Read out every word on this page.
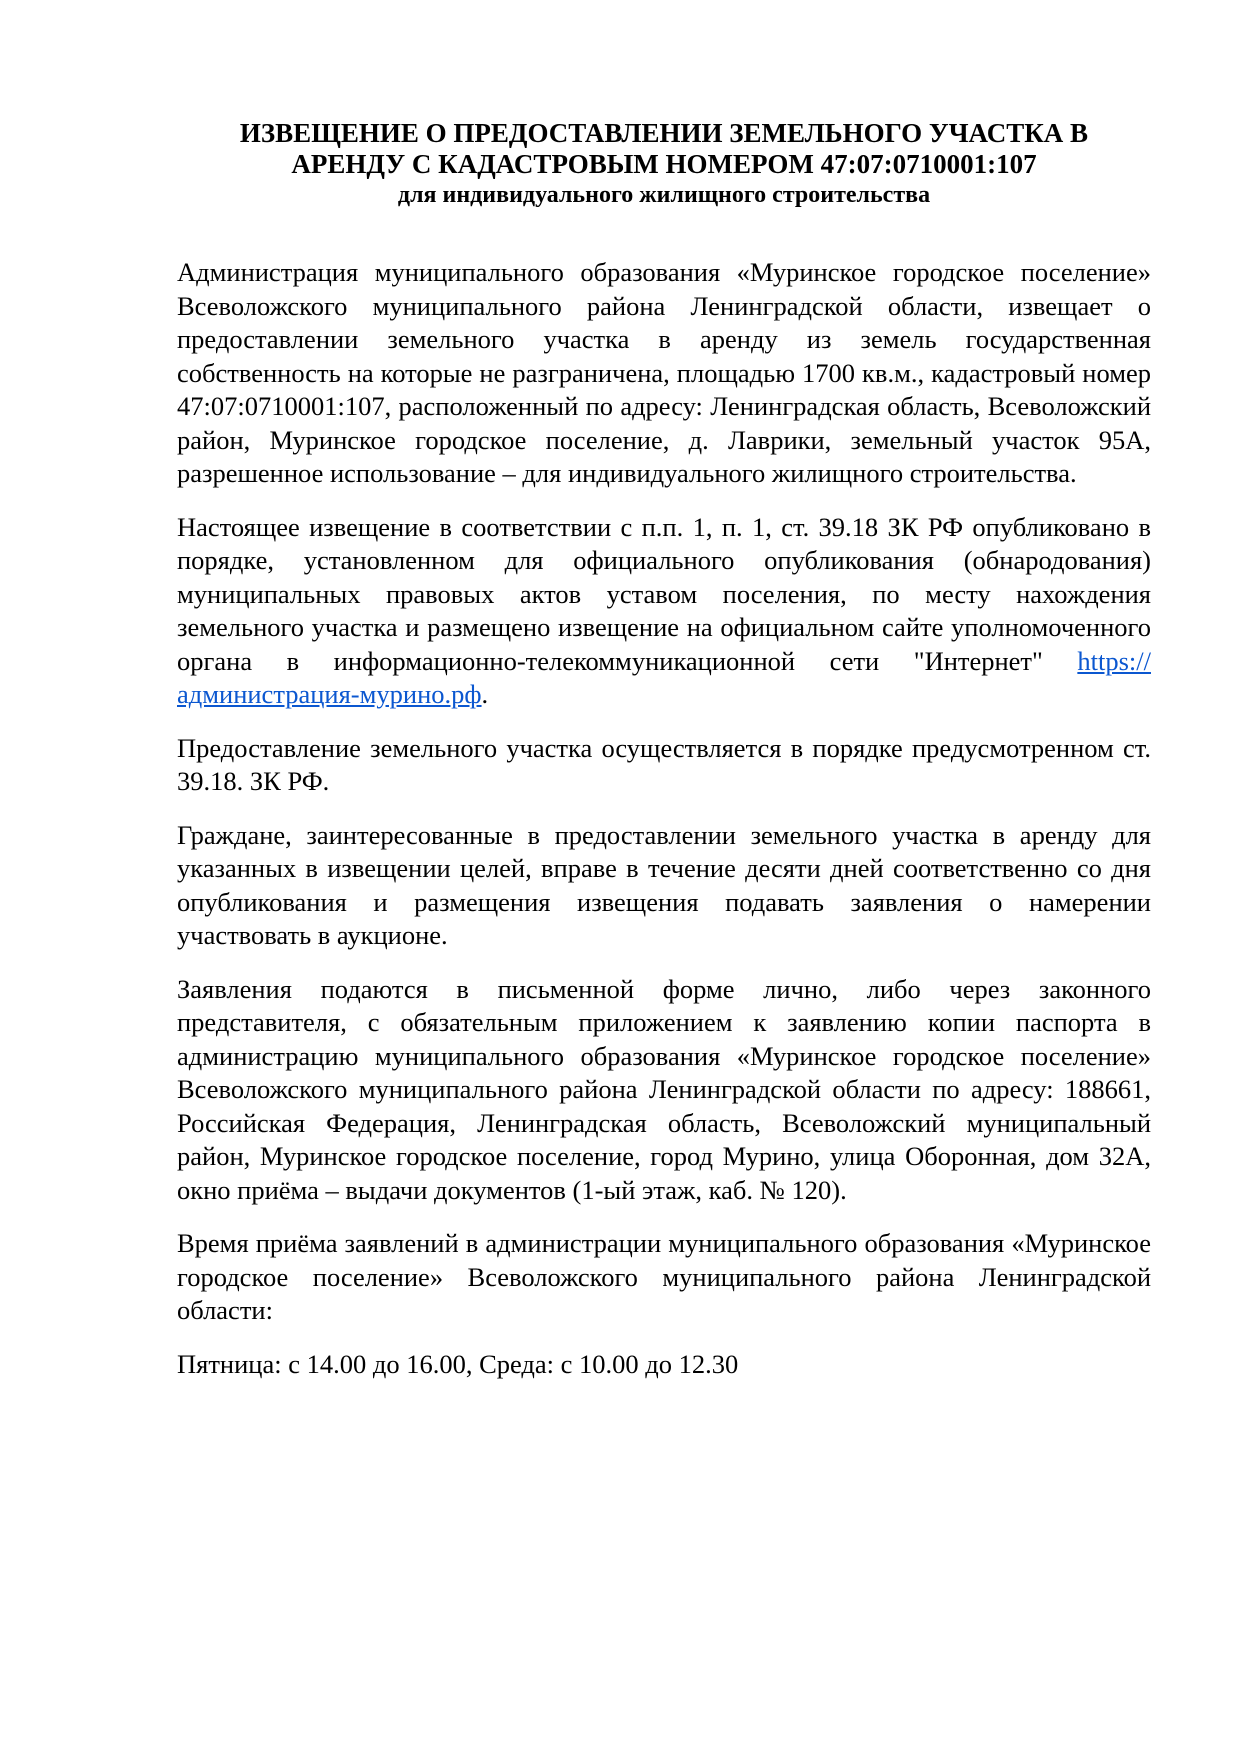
ИЗВЕЩЕНИЕ О ПРЕДОСТАВЛЕНИИ ЗЕМЕЛЬНОГО УЧАСТКА В
АРЕНДУ С КАДАСТРОВЫМ НОМЕРОМ 47:07:0710001:107
для индивидуального жилищного строительства

Администрация муниципального образования «Муринское городское поселение» Всеволожского муниципального района Ленинградской области, извещает о предоставлении земельного участка в аренду из земель государственная собственность на которые не разграничена, площадью 1700 кв.м., кадастровый номер 47:07:0710001:107, расположенный по адресу: Ленинградская область, Всеволожский район, Муринское городское поселение, д. Лаврики, земельный участок 95А, разрешенное использование – для индивидуального жилищного строительства.

Настоящее извещение в соответствии с п.п. 1, п. 1, ст. 39.18 ЗК РФ опубликовано в порядке, установленном для официального опубликования (обнародования) муниципальных правовых актов уставом поселения, по месту нахождения земельного участка и размещено извещение на официальном сайте уполномоченного органа в информационно-телекоммуникационной сети "Интернет" https://администрация-мурино.рф.

Предоставление земельного участка осуществляется в порядке предусмотренном ст. 39.18. ЗК РФ.

Граждане, заинтересованные в предоставлении земельного участка в аренду для указанных в извещении целей, вправе в течение десяти дней соответственно со дня опубликования и размещения извещения подавать заявления о намерении участвовать в аукционе.

Заявления подаются в письменной форме лично, либо через законного представителя, с обязательным приложением к заявлению копии паспорта в администрацию муниципального образования «Муринское городское поселение» Всеволожского муниципального района Ленинградской области по адресу: 188661, Российская Федерация, Ленинградская область, Всеволожский муниципальный район, Муринское городское поселение, город Мурино, улица Оборонная, дом 32А, окно приёма – выдачи документов (1-ый этаж, каб. № 120).

Время приёма заявлений в администрации муниципального образования «Муринское городское поселение» Всеволожского муниципального района Ленинградской области:

Пятница: с 14.00 до 16.00, Среда: с 10.00 до 12.30
